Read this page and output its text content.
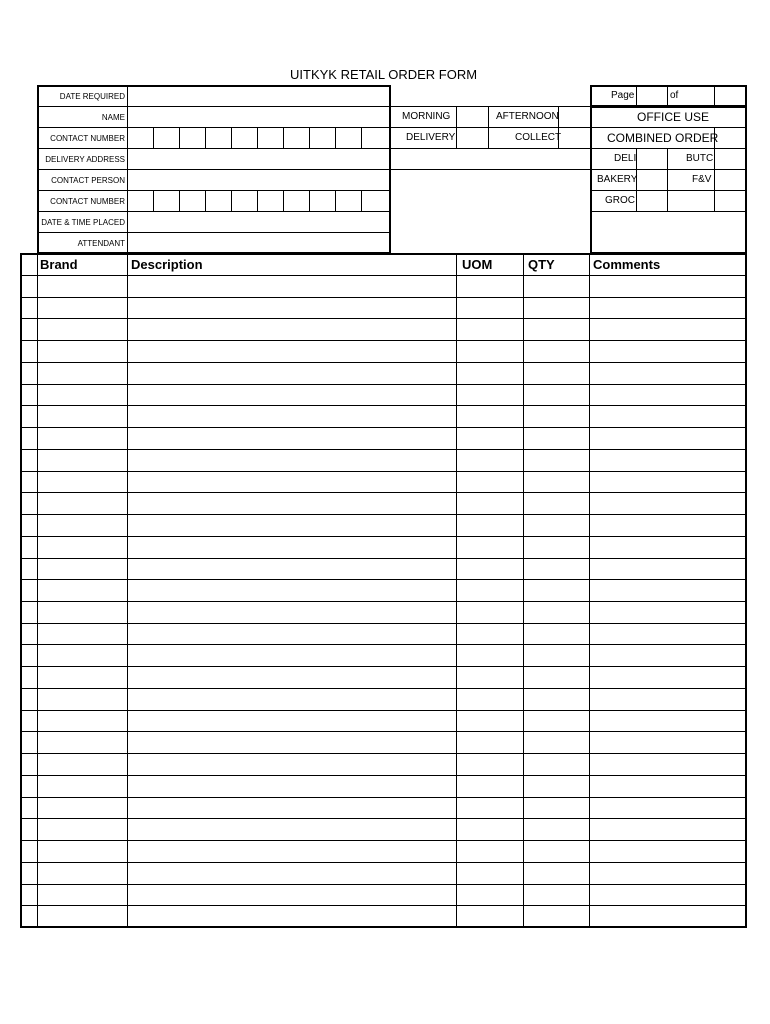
UITKYK RETAIL ORDER FORM
DATE REQUIRED
NAME
CONTACT NUMBER
DELIVERY ADDRESS
CONTACT PERSON
CONTACT NUMBER
DATE & TIME PLACED
ATTENDANT
MORNING	AFTERNOON
DELIVERY	COLLECT
Page	of
OFFICE USE
COMBINED ORDER
DELI	BUTC
BAKERY	F&V
GROC
Brand	Description	UOM	QTY	Comments
